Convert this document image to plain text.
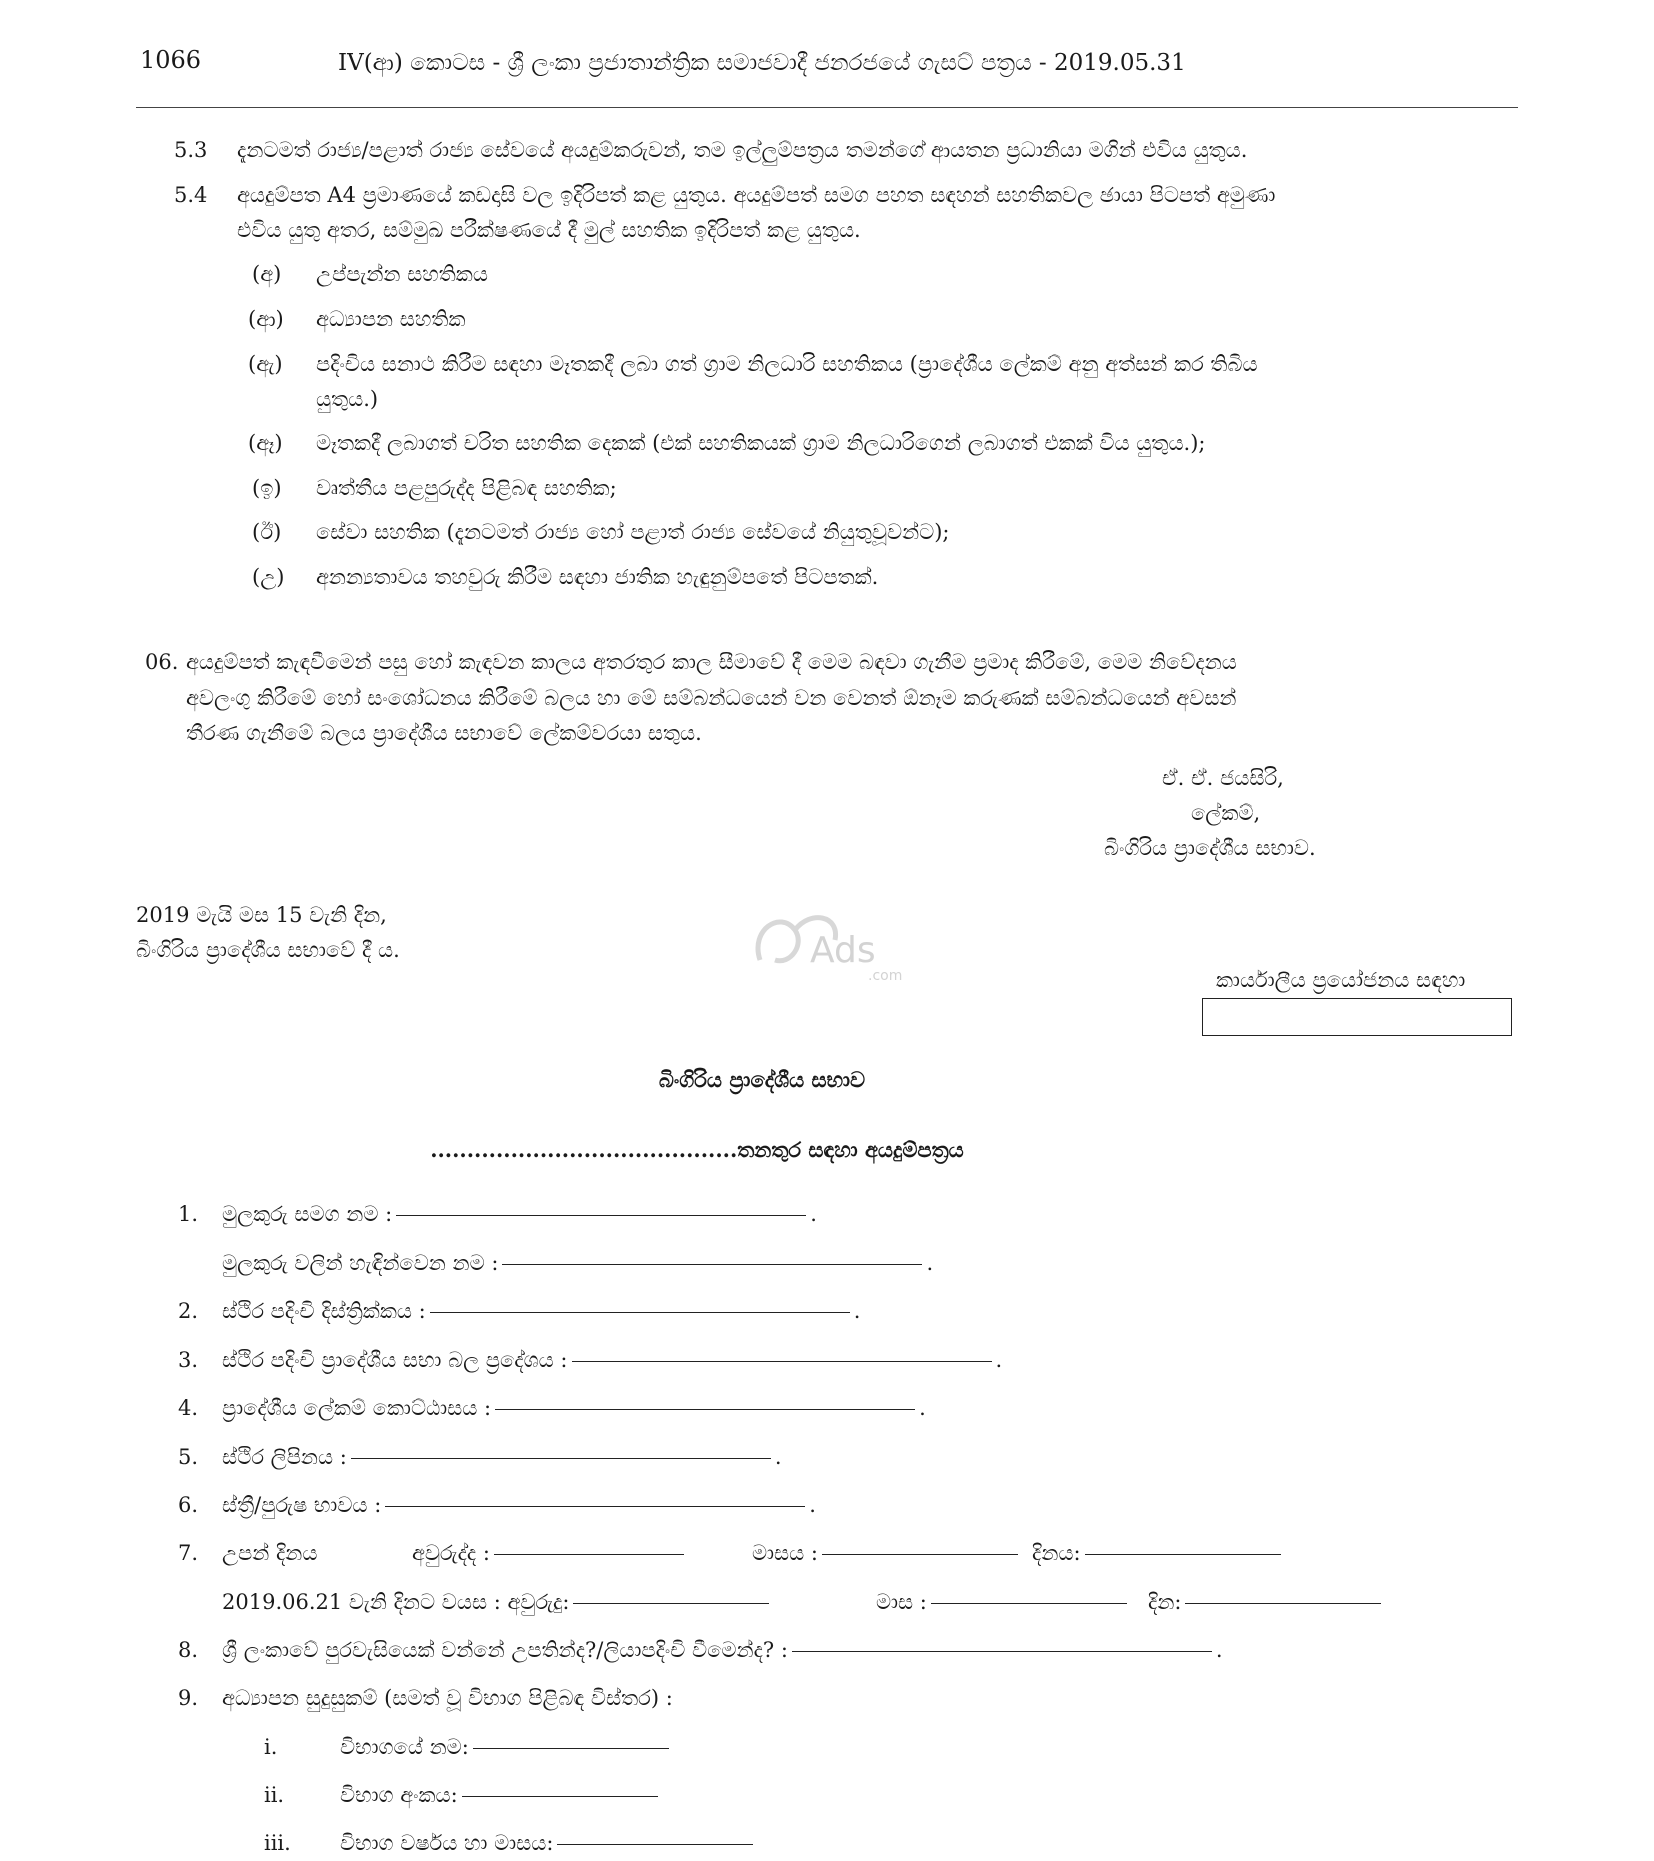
1066	IV(ආ) කොටස - ශ්‍රී ලංකා ප්‍රජාතාන්ත්‍රික සමාජවාදී ජනරජයේ ගැසට් පත්‍රය - 2019.05.31
5.3 දැනටමත් රාජ්‍ය/පළාත් රාජ්‍ය සේවයේ අයදුම්කරුවන්, තම ඉල්ලුම්පත්‍රය තමන්ගේ ආයතන ප්‍රධානියා මගින් එවිය යුතුය.
5.4 අයදුම්පත A4 ප්‍රමාණයේ කඩදාසි වල ඉදිරිපත් කළ යුතුය. අයදුම්පත් සමග පහත සඳහන් සහතිකවල ඡායා පිටපත් අමුණා
එවිය යුතු අතර, සම්මුඛ පරීක්ෂණයේ දී මුල් සහතික ඉදිරිපත් කළ යුතුය.
(අ) උප්පැන්න සහතිකය
(ආ) අධ්‍යාපන සහතික
(ඇ) පදිංචිය සනාථ කිරීම සඳහා මෑතකදී ලබා ගත් ග්‍රාම නිලධාරි සහතිකය (ප්‍රාදේශීය ලේකම් අනු අත්සන් කර තිබිය
යුතුය.)
(ඈ) මෑතකදී ලබාගත් චරිත සහතික දෙකක් (එක් සහතිකයක් ග්‍රාම නිලධාරිගෙන් ලබාගත් එකක් විය යුතුය.);
(ඉ) වෘත්තීය පළපුරුද්ද පිළිබඳ සහතික;
(ඊ) සේවා සහතික (දැනටමත් රාජ්‍ය හෝ පළාත් රාජ්‍ය සේවයේ නියුතුවූවන්ට);
(උ) අනන්‍යතාවය තහවුරු කිරීම සඳහා ජාතික හැඳුනුම්පතේ පිටපතක්.
06. අයදුම්පත් කැඳවීමෙන් පසු හෝ කැඳවන කාලය අතරතුර කාල සීමාවේ දී මෙම බඳවා ගැනීම ප්‍රමාද කිරීමේ, මෙම නිවේදනය
අවලංගු කිරීමේ හෝ සංශෝධනය කිරීමේ බලය හා මේ සම්බන්ධයෙන් වන වෙනත් ඕනෑම කරුණක් සම්බන්ධයෙන් අවසන්
තීරණ ගැනීමේ බලය ප්‍රාදේශීය සභාවේ ලේකම්වරයා සතුය.
ඒ. ඒ. ජයසිරි,
ලේකම්,
බිංගිරිය ප්‍රාදේශීය සභාව.
2019 මැයි මස 15 වැනි දින,
බිංගිරිය ප්‍රාදේශීය සභාවේ දී ය.	Ads
.com	කාර්යාලීය ප්‍රයෝජනය සඳහා
බිංගිරිය ප්‍රාදේශීය සභාව
..........................................තනතුර සඳහා අයදුම්පත්‍රය
1. මුලකුරු සමග නම :	.
මුලකුරු වලින් හැඳින්වෙන නම :	.
2. ස්ථිර පදිංචි දිස්ත්‍රික්කය :	.
3. ස්ථිර පදිංචි ප්‍රාදේශීය සභා බල ප්‍රදේශය :	.
4. ප්‍රාදේශීය ලේකම් කොට්ඨාසය :	.
5. ස්ථිර ලිපිනය :	.
6. ස්ත්‍රී/පුරුෂ භාවය :	.
7. උපන් දිනය	අවුරුද්ද :	මාසය :	දිනය:
2019.06.21 වැනි දිනට වයස : අවුරුදු:	මාස :	දින:
8. ශ්‍රී ලංකාවේ පුරවැසියෙක් වන්නේ උපතින්ද?/ලියාපදිංචි වීමෙන්ද? :	.
9. අධ්‍යාපන සුදුසුකම් (සමත් වූ විභාග පිළිබඳ විස්තර) :
i.	විභාගයේ නම:
ii.	විභාග අංකය:
iii. විභාග වර්ෂය හා මාසය:
